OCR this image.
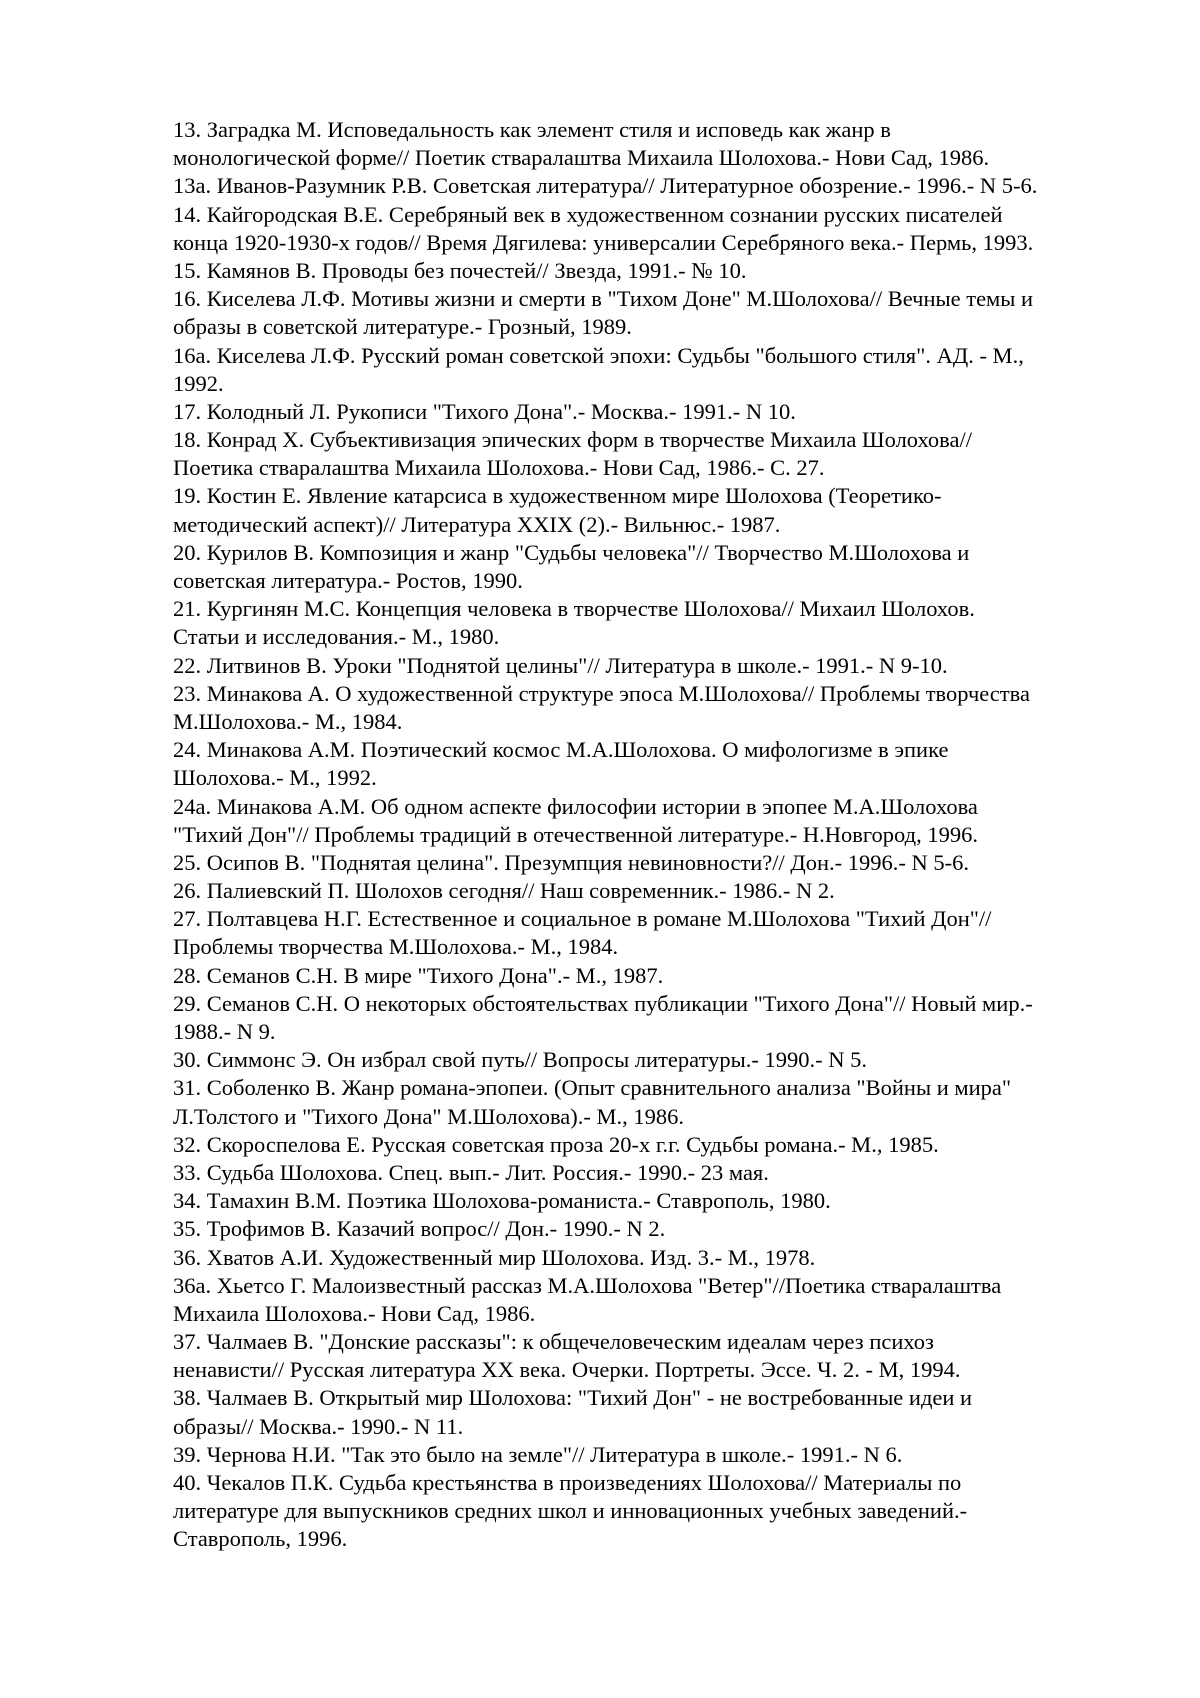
13. Заградка М. Исповедальность как элемент стиля и исповедь как жанр в
монологической форме// Поетик стваралаштва Михаила Шолохова.- Нови Сад, 1986.
13а. Иванов-Разумник Р.В. Советская литература// Литературное обозрение.- 1996.- N 5-6.
14. Кайгородская В.Е. Серебряный век в художественном сознании русских писателей
конца 1920-1930-х годов// Время Дягилева: универсалии Серебряного века.- Пермь, 1993.
15. Камянов В. Проводы без почестей// Звезда, 1991.- № 10.
16. Киселева Л.Ф. Мотивы жизни и смерти в "Тихом Доне" М.Шолохова// Вечные темы и
образы в советской литературе.- Грозный, 1989.
16а. Киселева Л.Ф. Русский роман советской эпохи: Судьбы "большого стиля". АД. - М.,
1992.
17. Колодный Л. Рукописи "Тихого Дона".- Москва.- 1991.- N 10.
18. Конрад Х. Субъективизация эпических форм в творчестве Михаила Шолохова//
Поетика стваралаштва Михаила Шолохова.- Нови Сад, 1986.- С. 27.
19. Костин Е. Явление катарсиса в художественном мире Шолохова (Теоретико-
методический аспект)// Литература XXIX (2).- Вильнюс.- 1987.
20. Курилов В. Композиция и жанр "Судьбы человека"// Творчество М.Шолохова и
советская литература.- Ростов, 1990.
21. Кургинян М.С. Концепция человека в творчестве Шолохова// Михаил Шолохов.
Статьи и исследования.- М., 1980.
22. Литвинов В. Уроки "Поднятой целины"// Литература в школе.- 1991.- N 9-10.
23. Минакова А. О художественной структуре эпоса М.Шолохова// Проблемы творчества
М.Шолохова.- М., 1984.
24. Минакова А.М. Поэтический космос М.А.Шолохова. О мифологизме в эпике
Шолохова.- М., 1992.
24а. Минакова А.М. Об одном аспекте философии истории в эпопее М.А.Шолохова
"Тихий Дон"// Проблемы традиций в отечественной литературе.- Н.Новгород, 1996.
25. Осипов В. "Поднятая целина". Презумпция невиновности?// Дон.- 1996.- N 5-6.
26. Палиевский П. Шолохов сегодня// Наш современник.- 1986.- N 2.
27. Полтавцева Н.Г. Естественное и социальное в романе М.Шолохова "Тихий Дон"//
Проблемы творчества М.Шолохова.- М., 1984.
28. Семанов С.Н. В мире "Тихого Дона".- М., 1987.
29. Семанов С.Н. О некоторых обстоятельствах публикации "Тихого Дона"// Новый мир.-
1988.- N 9.
30. Симмонс Э. Он избрал свой путь// Вопросы литературы.- 1990.- N 5.
31. Соболенко В. Жанр романа-эпопеи. (Опыт сравнительного анализа "Войны и мира"
Л.Толстого и "Тихого Дона" М.Шолохова).- М., 1986.
32. Скороспелова Е. Русская советская проза 20-х г.г. Судьбы романа.- М., 1985.
33. Судьба Шолохова. Спец. вып.- Лит. Россия.- 1990.- 23 мая.
34. Тамахин В.М. Поэтика Шолохова-романиста.- Ставрополь, 1980.
35. Трофимов В. Казачий вопрос// Дон.- 1990.- N 2.
36. Хватов А.И. Художественный мир Шолохова. Изд. 3.- М., 1978.
36а. Хьетсо Г. Малоизвестный рассказ М.А.Шолохова "Ветер"//Поетика стваралаштва
Михаила Шолохова.- Нови Сад, 1986.
37. Чалмаев В. "Донские рассказы": к общечеловеческим идеалам через психоз
ненависти// Русская литература ХХ века. Очерки. Портреты. Эссе. Ч. 2. - М, 1994.
38. Чалмаев В. Открытый мир Шолохова: "Тихий Дон" - не востребованные идеи и
образы// Москва.- 1990.- N 11.
39. Чернова Н.И. "Так это было на земле"// Литература в школе.- 1991.- N 6.
40. Чекалов П.К. Судьба крестьянства в произведениях Шолохова// Материалы по
литературе для выпускников средних школ и инновационных учебных заведений.-
Ставрополь, 1996.
